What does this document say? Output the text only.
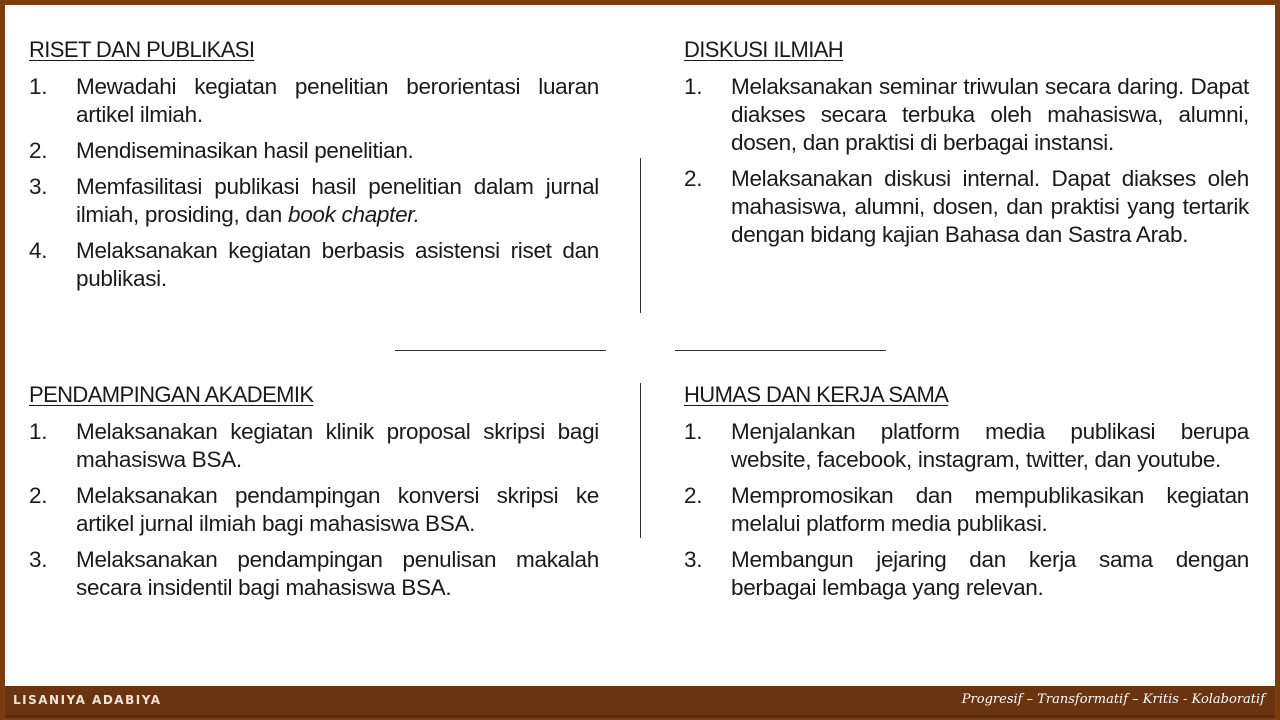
RISET DAN PUBLIKASI
1.	Mewadahi kegiatan penelitian berorientasi luaran artikel ilmiah.
2.	Mendiseminasikan hasil penelitian.
3.	Memfasilitasi publikasi hasil penelitian dalam jurnal ilmiah, prosiding, dan book chapter.
4.	Melaksanakan kegiatan berbasis asistensi riset dan publikasi.
DISKUSI ILMIAH
1.	Melaksanakan seminar triwulan secara daring. Dapat diakses secara terbuka oleh mahasiswa, alumni, dosen, dan praktisi di berbagai instansi.
2.	Melaksanakan diskusi internal. Dapat diakses oleh mahasiswa, alumni, dosen, dan praktisi yang tertarik dengan bidang kajian Bahasa dan Sastra Arab.
PENDAMPINGAN AKADEMIK
1.	Melaksanakan kegiatan klinik proposal skripsi bagi mahasiswa BSA.
2.	Melaksanakan pendampingan konversi skripsi ke artikel jurnal ilmiah bagi mahasiswa BSA.
3.	Melaksanakan pendampingan penulisan makalah secara insidentil bagi mahasiswa BSA.
HUMAS DAN KERJA SAMA
1.	Menjalankan platform media publikasi berupa website, facebook, instagram, twitter, dan youtube.
2.	Mempromosikan dan mempublikasikan kegiatan melalui platform media publikasi.
3.	Membangun jejaring dan kerja sama dengan berbagai lembaga yang relevan.
LISANIYA ADABIYA	Progresif – Transformatif – Kritis - Kolaboratif
